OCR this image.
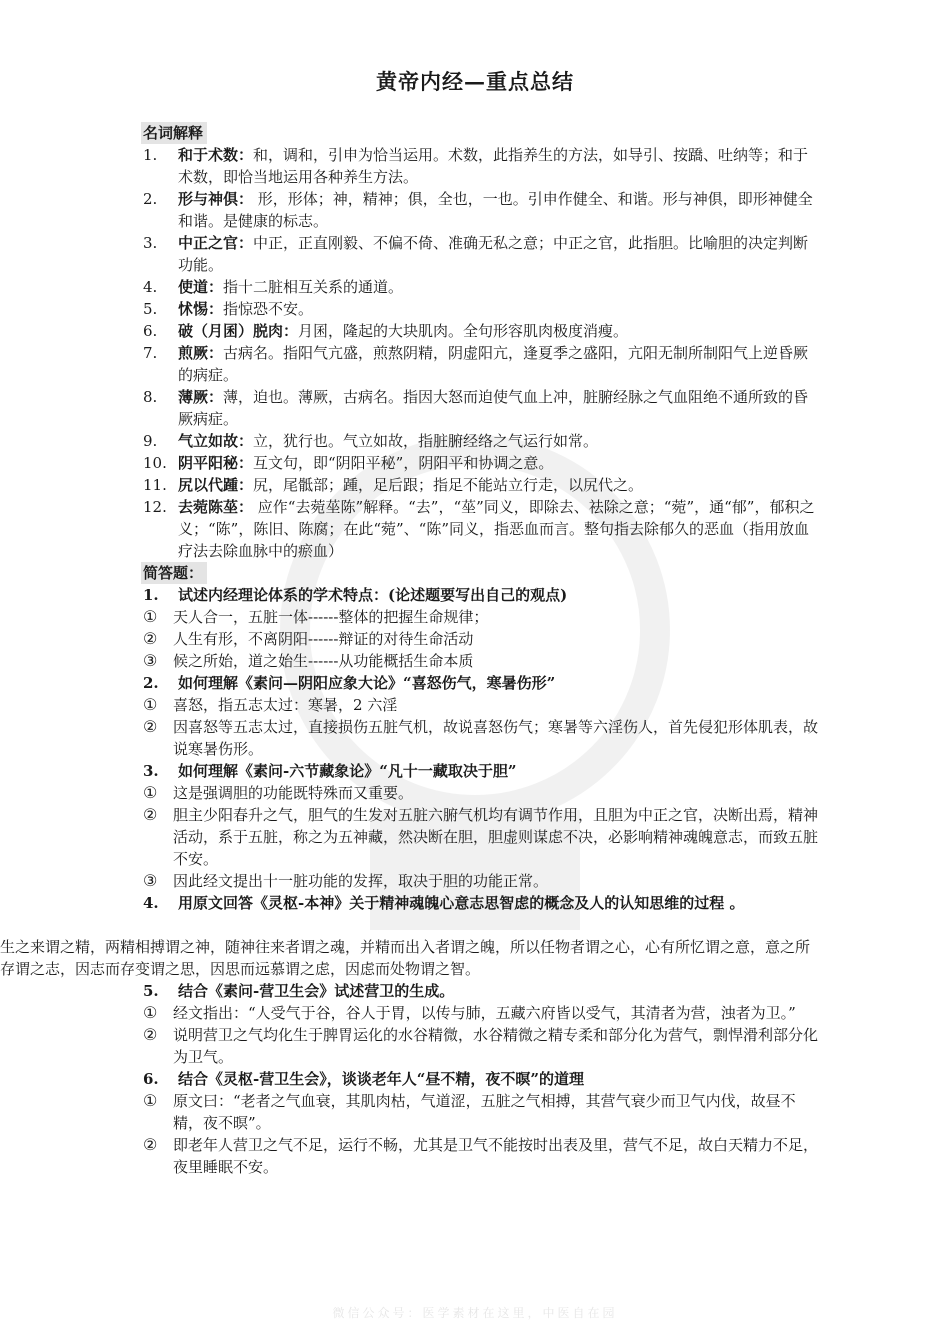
黄帝内经—重点总结
名词解释
1.	和于术数：和，调和，引申为恰当运用。术数，此指养生的方法，如导引、按蹻、吐纳等；和于术数，即恰当地运用各种养生方法。
2.	形与神俱： 形，形体；神，精神；俱，全也，一也。引申作健全、和谐。形与神俱，即形神健全和谐。是健康的标志。
3.	中正之官：中正，正直刚毅、不偏不倚、准确无私之意；中正之官，此指胆。比喻胆的决定判断功能。
4.	使道：指十二脏相互关系的通道。
5.	怵惕：指惊恐不安。
6.	破（月囷）脱肉：月囷，隆起的大块肌肉。全句形容肌肉极度消瘦。
7.	煎厥：古病名。指阳气亢盛，煎熬阴精，阴虚阳亢，逢夏季之盛阳，亢阳无制所制阳气上逆昏厥的病症。
8.	薄厥：薄，迫也。薄厥，古病名。指因大怒而迫使气血上冲，脏腑经脉之气血阻绝不通所致的昏厥病症。
9.	气立如故：立，犹行也。气立如故，指脏腑经络之气运行如常。
10. 阴平阳秘：互文句，即“阴阳平秘”，阴阳平和协调之意。
11. 尻以代踵：尻，尾骶部；踵，足后跟；指足不能站立行走，以尻代之。
12. 去菀陈莝： 应作“去菀莝陈”解释。“去”，“莝”同义，即除去、祛除之意；“菀”，通“郁”，郁积之义；“陈”，陈旧、陈腐；在此“菀”、“陈”同义，指恶血而言。整句指去除郁久的恶血（指用放血疗法去除血脉中的瘀血）
简答题：
1.	试述内经理论体系的学术特点：(论述题要写出自己的观点)
①	天人合一，五脏一体------整体的把握生命规律；
②	人生有形，不离阴阳------辩证的对待生命活动
③	候之所始，道之始生------从功能概括生命本质
2.	如何理解《素问—阴阳应象大论》“喜怒伤气，寒暑伤形”
①	喜怒，指五志太过：寒暑，2 六淫
②	因喜怒等五志太过，直接损伤五脏气机，故说喜怒伤气；寒暑等六淫伤人，首先侵犯形体肌表，故说寒暑伤形。
3.	如何理解《素问-六节藏象论》“凡十一藏取决于胆”
①	这是强调胆的功能既特殊而又重要。
②	胆主少阳春升之气，胆气的生发对五脏六腑气机均有调节作用，且胆为中正之官，决断出焉，精神活动，系于五脏，称之为五神藏，然决断在胆，胆虚则谋虑不决，必影响精神魂魄意志，而致五脏不安。
③	因此经文提出十一脏功能的发挥，取决于胆的功能正常。
4.	用原文回答《灵枢-本神》关于精神魂魄心意志思智虑的概念及人的认知思维的过程 。
生之来谓之精，两精相搏谓之神，随神往来者谓之魂，并精而出入者谓之魄，所以任物者谓之心，心有所忆谓之意，意之所存谓之志，因志而存变谓之思，因思而远慕谓之虑，因虑而处物谓之智。
5.	结合《素问-营卫生会》试述营卫的生成。
①	经文指出：“人受气于谷，谷人于胃，以传与肺，五藏六府皆以受气，其清者为营，浊者为卫。”
②	说明营卫之气均化生于脾胃运化的水谷精微，水谷精微之精专柔和部分化为营气，剽悍滑利部分化为卫气。
6.	结合《灵枢-营卫生会》，谈谈老年人“昼不精，夜不暝”的道理
①	原文曰：“老者之气血衰，其肌肉枯，气道涩，五脏之气相搏，其营气衰少而卫气内伐，故昼不精，夜不暝”。
②	即老年人营卫之气不足，运行不畅，尤其是卫气不能按时出表及里，营气不足，故白天精力不足，夜里睡眠不安。
微信公众号：医学素材在这里，中医自在园
